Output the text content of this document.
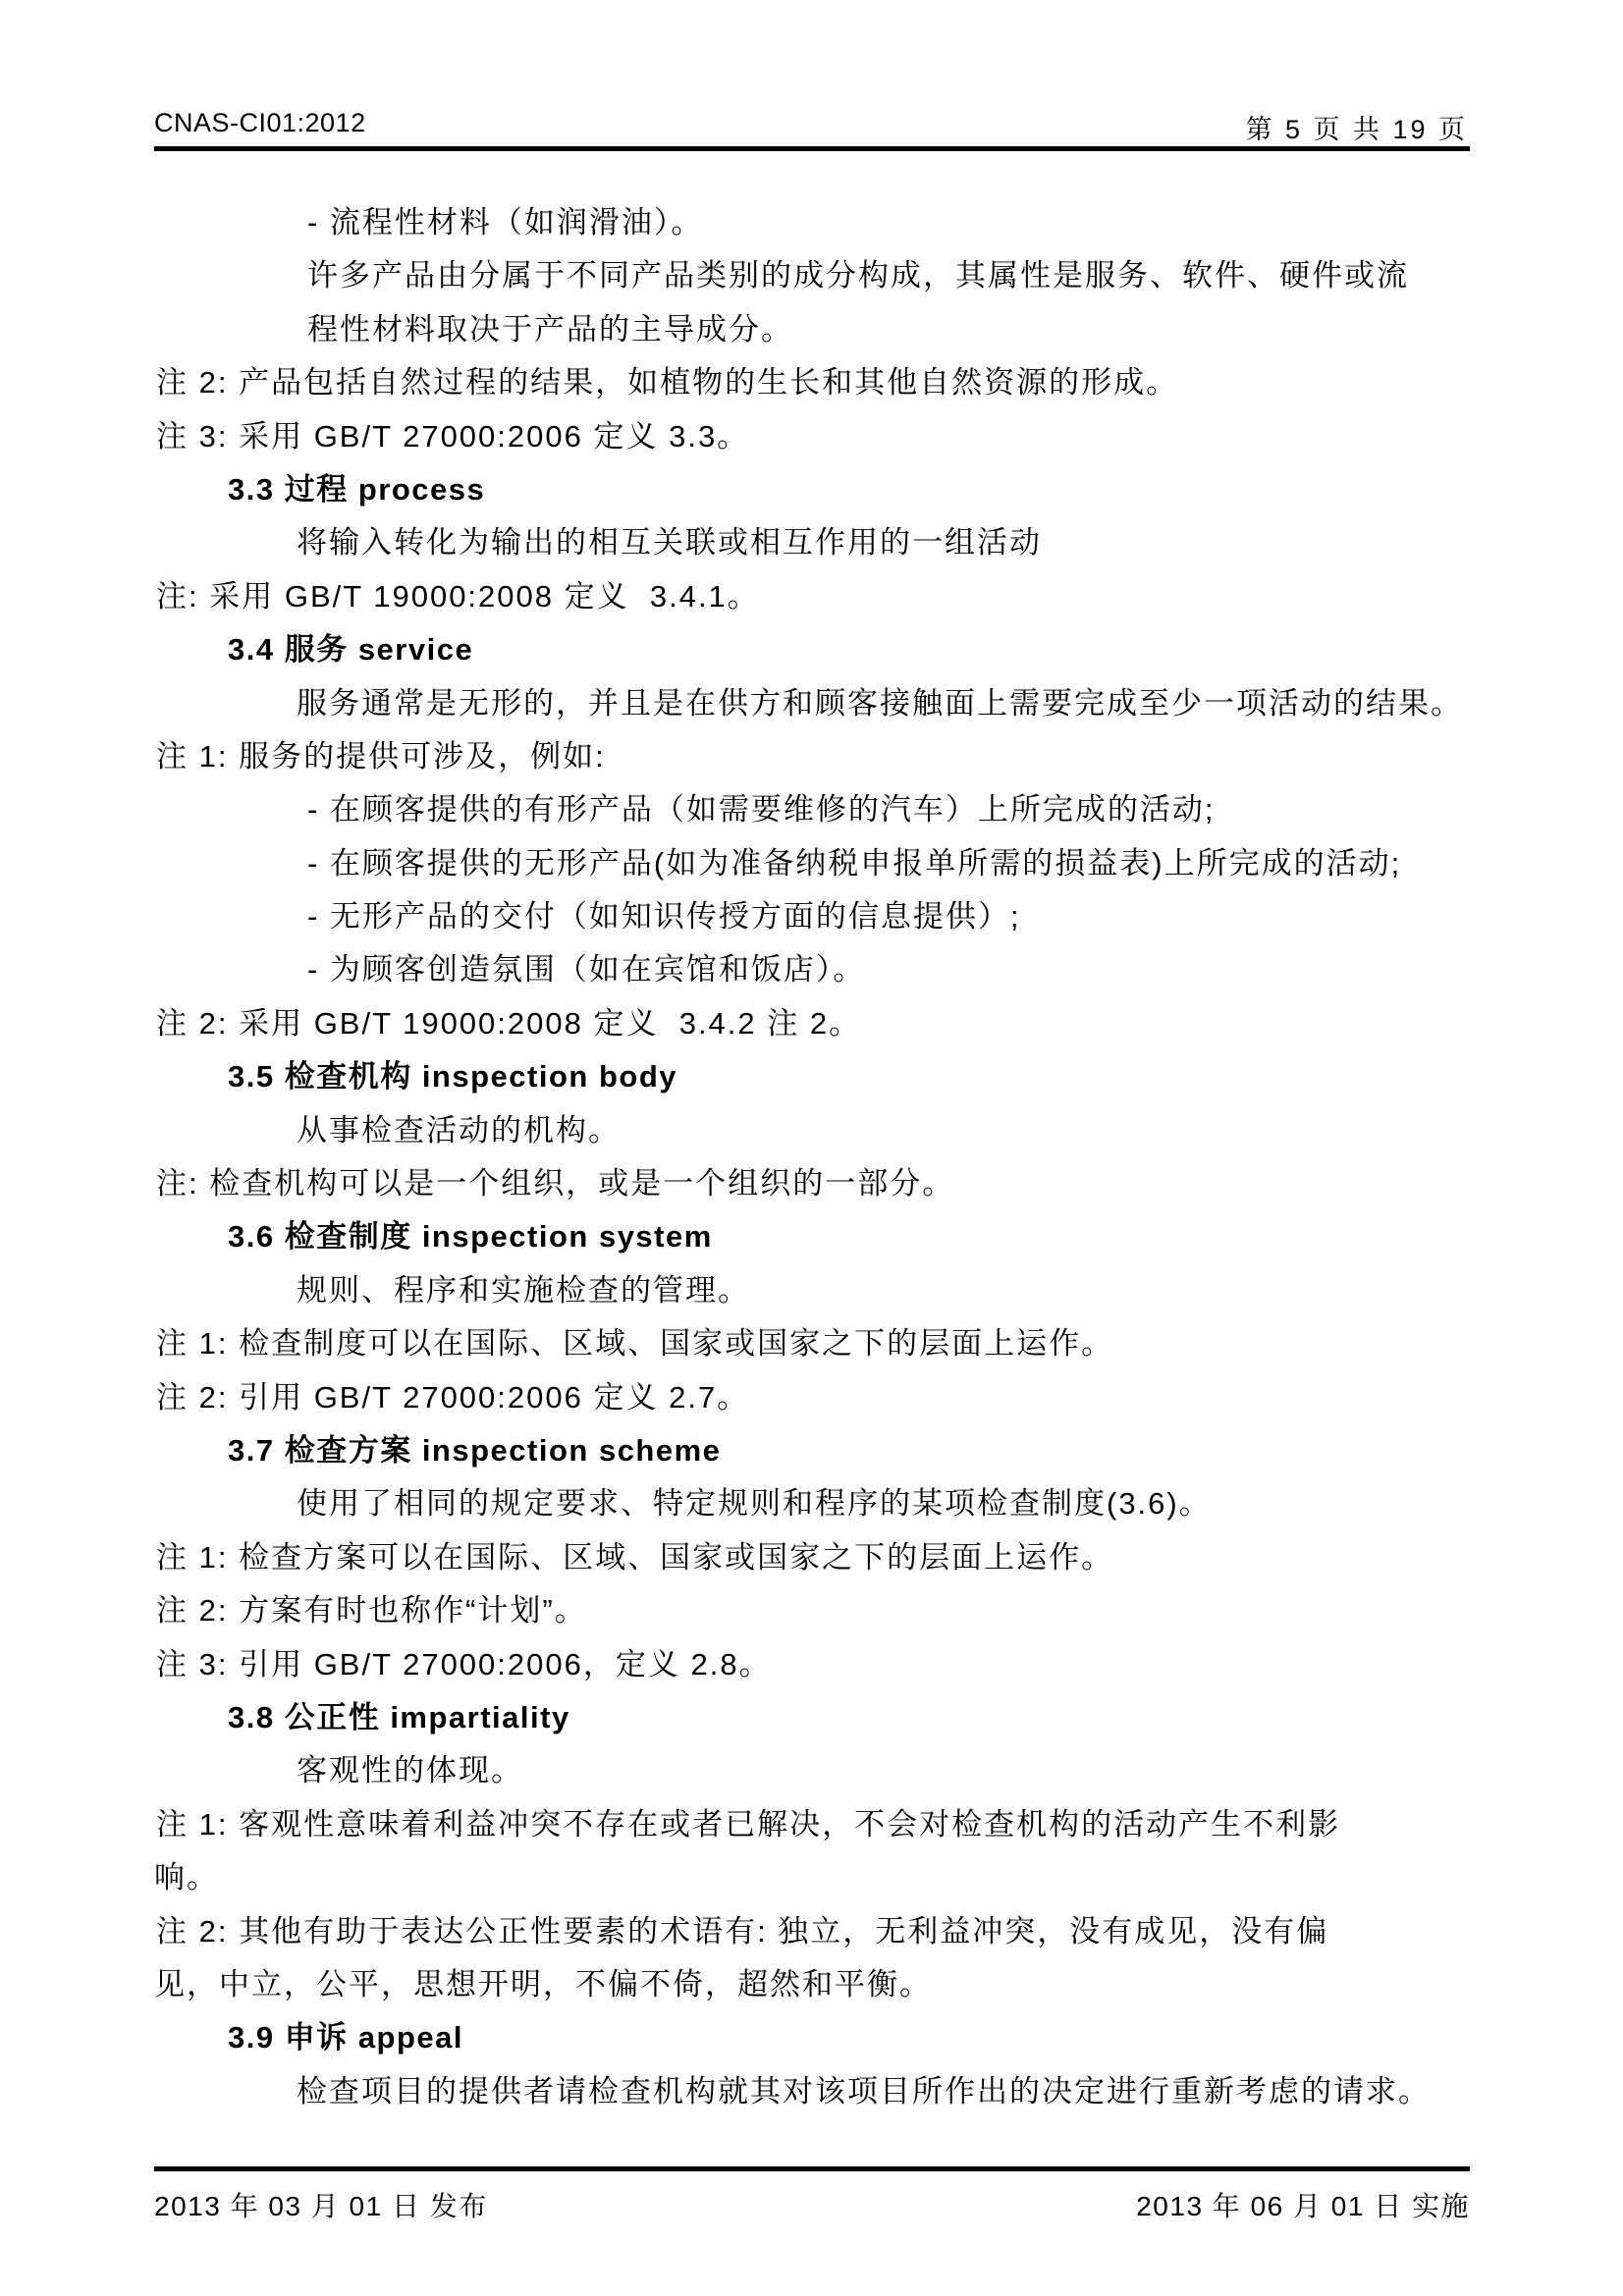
CNAS-CI01:2012	第 5 页 共 19 页
- 流程性材料（如润滑油）。
许多产品由分属于不同产品类别的成分构成，其属性是服务、软件、硬件或流
程性材料取决于产品的主导成分。
注 2: 产品包括自然过程的结果，如植物的生长和其他自然资源的形成。
注 3: 采用 GB/T 27000:2006 定义 3.3。
3.3 过程 process
将输入转化为输出的相互关联或相互作用的一组活动
注: 采用 GB/T 19000:2008 定义  3.4.1。
3.4 服务 service
服务通常是无形的，并且是在供方和顾客接触面上需要完成至少一项活动的结果。
注 1: 服务的提供可涉及，例如:
- 在顾客提供的有形产品（如需要维修的汽车）上所完成的活动;
- 在顾客提供的无形产品(如为准备纳税申报单所需的损益表)上所完成的活动;
- 无形产品的交付（如知识传授方面的信息提供）;
- 为顾客创造氛围（如在宾馆和饭店）。
注 2: 采用 GB/T 19000:2008 定义  3.4.2 注 2。
3.5 检查机构 inspection body
从事检查活动的机构。
注: 检查机构可以是一个组织，或是一个组织的一部分。
3.6 检查制度 inspection system
规则、程序和实施检查的管理。
注 1: 检查制度可以在国际、区域、国家或国家之下的层面上运作。
注 2: 引用 GB/T 27000:2006 定义 2.7。
3.7 检查方案 inspection scheme
使用了相同的规定要求、特定规则和程序的某项检查制度(3.6)。
注 1: 检查方案可以在国际、区域、国家或国家之下的层面上运作。
注 2: 方案有时也称作“计划”。
注 3: 引用 GB/T 27000:2006，定义 2.8。
3.8 公正性 impartiality
客观性的体现。
注 1: 客观性意味着利益冲突不存在或者已解决，不会对检查机构的活动产生不利影
响。
注 2: 其他有助于表达公正性要素的术语有: 独立，无利益冲突，没有成见，没有偏
见，中立，公平，思想开明，不偏不倚，超然和平衡。
3.9 申诉 appeal
检查项目的提供者请检查机构就其对该项目所作出的决定进行重新考虑的请求。
2013 年 03 月 01 日 发布	2013 年 06 月 01 日 实施
